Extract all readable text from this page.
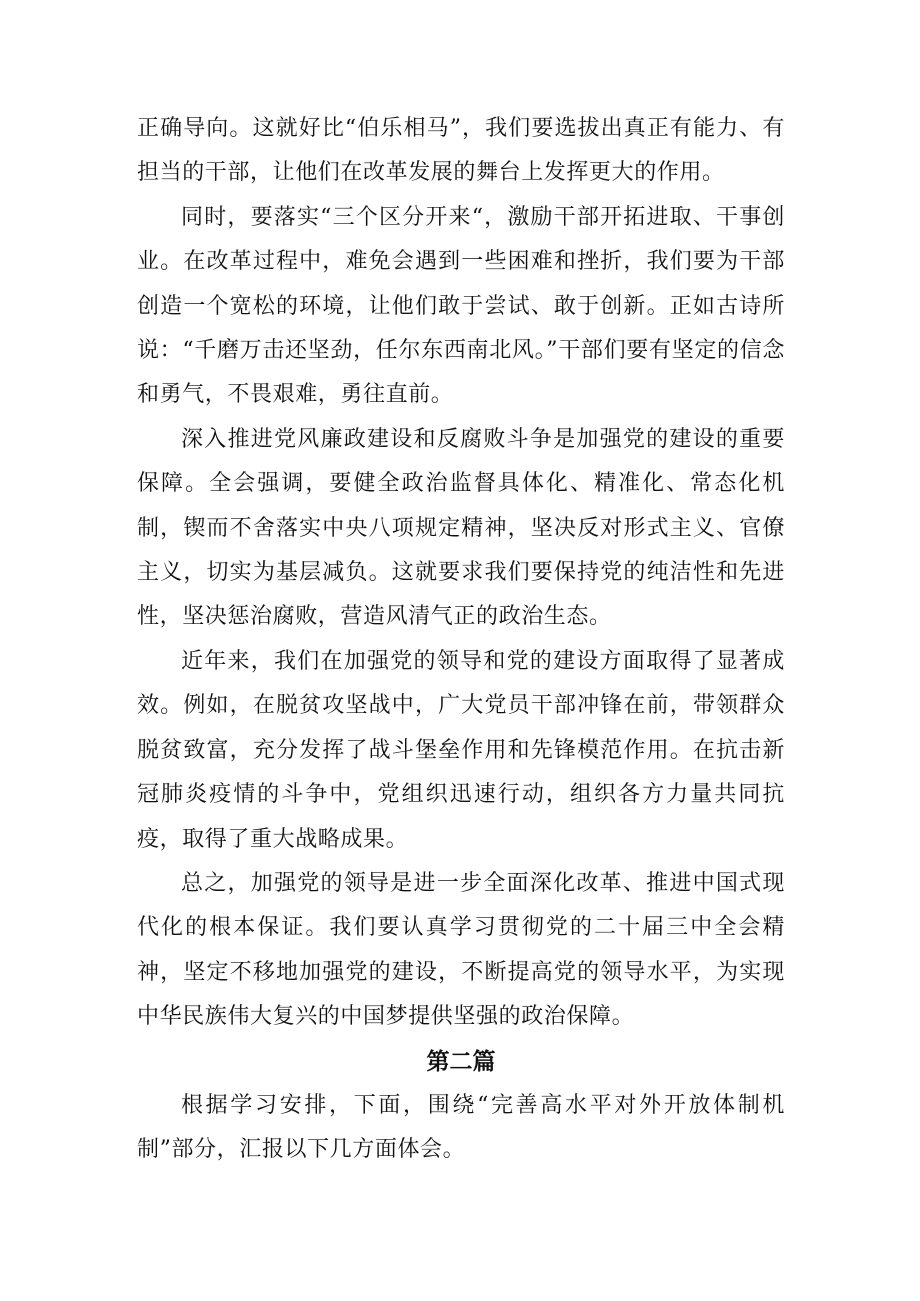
正确导向。这就好比“伯乐相马”，我们要选拔出真正有能力、有担当的干部，让他们在改革发展的舞台上发挥更大的作用。

同时，要落实“三个区分开来“，激励干部开拓进取、干事创业。在改革过程中，难免会遇到一些困难和挫折，我们要为干部创造一个宽松的环境，让他们敢于尝试、敢于创新。正如古诗所说：“千磨万击还坚劲，任尔东西南北风。”干部们要有坚定的信念和勇气，不畏艰难，勇往直前。

深入推进党风廉政建设和反腐败斗争是加强党的建设的重要保障。全会强调，要健全政治监督具体化、精准化、常态化机制，锲而不舍落实中央八项规定精神，坚决反对形式主义、官僚主义，切实为基层减负。这就要求我们要保持党的纯洁性和先进性，坚决惩治腐败，营造风清气正的政治生态。

近年来，我们在加强党的领导和党的建设方面取得了显著成效。例如，在脱贫攻坚战中，广大党员干部冲锋在前，带领群众脱贫致富，充分发挥了战斗堡垒作用和先锋模范作用。在抗击新冠肺炎疫情的斗争中，党组织迅速行动，组织各方力量共同抗疫，取得了重大战略成果。

总之，加强党的领导是进一步全面深化改革、推进中国式现代化的根本保证。我们要认真学习贯彻党的二十届三中全会精神，坚定不移地加强党的建设，不断提高党的领导水平，为实现中华民族伟大复兴的中国梦提供坚强的政治保障。

第二篇

根据学习安排，下面，围绕“完善高水平对外开放体制机制”部分，汇报以下几方面体会。
